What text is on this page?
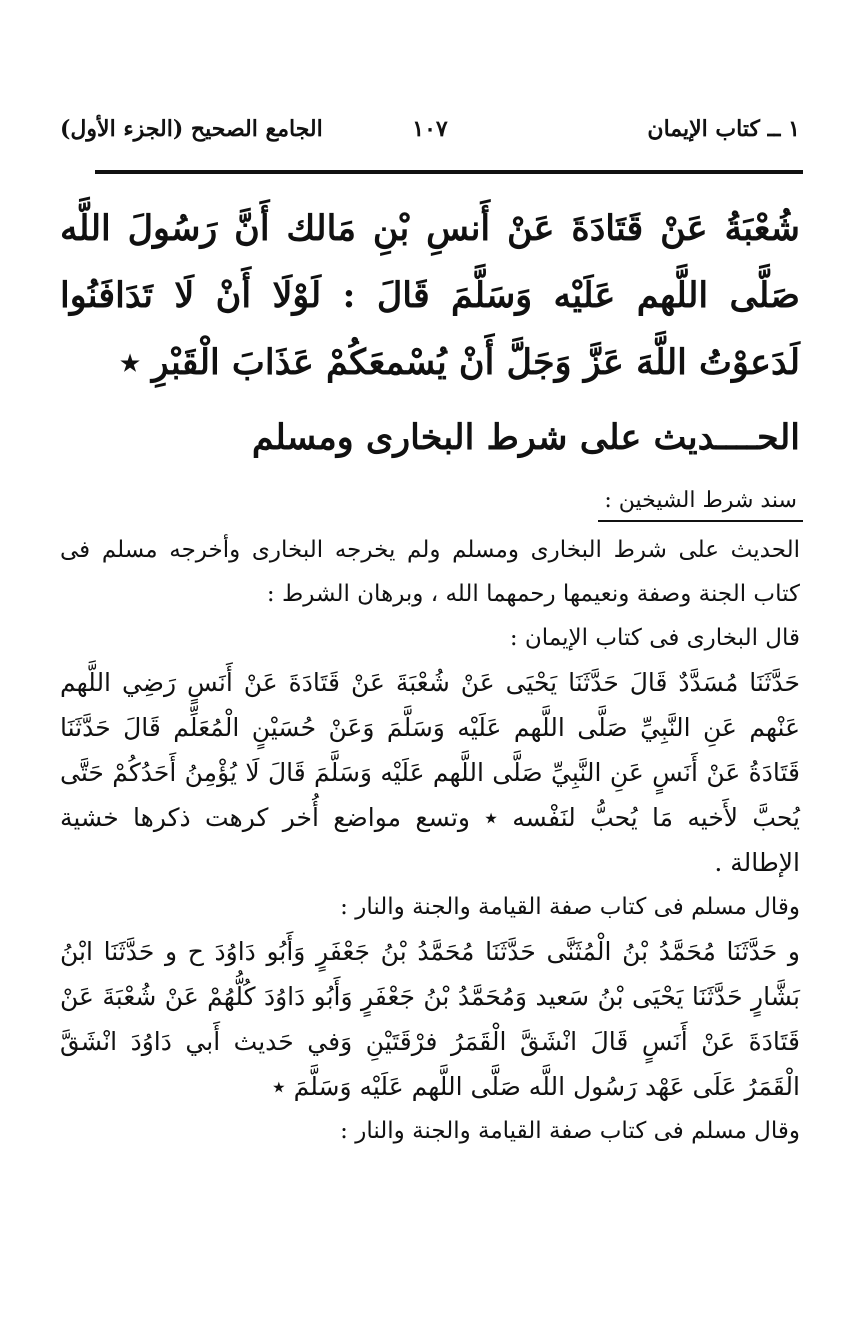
١ ــ كتاب الإيمان
١٠٧
الجامع الصحيح (الجزء الأول)
شُعْبَةُ عَنْ قَتَادَةَ عَنْ أَنسِ بْنِ مَالك أَنَّ رَسُولَ اللَّه صَلَّى اللَّهم عَلَيْه وَسَلَّمَ قَالَ : لَوْلَا أَنْ لَا تَدَافَنُوا لَدَعوْتُ اللَّهَ عَزَّ وَجَلَّ أَنْ يُسْمعَكُمْ عَذَابَ الْقَبْرِ ٭
الحــــديث على شرط البخارى ومسلم
سند شرط الشيخين :

الحديث على شرط البخارى ومسلم ولم يخرجه البخارى وأخرجه مسلم فى كتاب الجنة وصفة ونعيمها رحمهما الله ، وبرهان الشرط :

قال البخارى فى كتاب الإيمان :

حَدَّثَنَا مُسَدَّدٌ قَالَ حَدَّثَنَا يَحْيَى عَنْ شُعْبَةَ عَنْ قَتَادَةَ عَنْ أَنَسٍ رَضِي اللَّهم عَنْهم عَنِ النَّبِيِّ صَلَّى اللَّهم عَلَيْه وَسَلَّمَ وَعَنْ حُسَيْنٍ الْمُعَلِّم قَالَ حَدَّثَنَا قَتَادَةُ عَنْ أَنَسٍ عَنِ النَّبِيِّ صَلَّى اللَّهم عَلَيْه وَسَلَّمَ قَالَ لَا يُؤْمِنُ أَحَدُكُمْ حَتَّى يُحبَّ لأَخيه مَا يُحبُّ لنَفْسه ٭ وتسع مواضع أُخر كرهت ذكرها خشية الإطالة .

وقال مسلم فى كتاب صفة القيامة والجنة والنار :

و حَدَّثَنَا مُحَمَّدُ بْنُ الْمُثَنَّى حَدَّثَنَا مُحَمَّدُ بْنُ جَعْفَرٍ وَأَبُو دَاوُدَ ح و حَدَّثَنَا ابْنُ بَشَّارٍ حَدَّثَنَا يَحْيَى بْنُ سَعيد وَمُحَمَّدُ بْنُ جَعْفَرٍ وَأَبُو دَاوُدَ كُلُّهُمْ عَنْ شُعْبَةَ عَنْ قَتَادَةَ عَنْ أَنَسٍ قَالَ انْشَقَّ الْقَمَرُ فرْقَتَيْنِ وَفي حَديث أَبي دَاوُدَ انْشَقَّ الْقَمَرُ عَلَى عَهْد رَسُول اللَّه صَلَّى اللَّهم عَلَيْه وَسَلَّمَ ٭

وقال مسلم فى كتاب صفة القيامة والجنة والنار :
